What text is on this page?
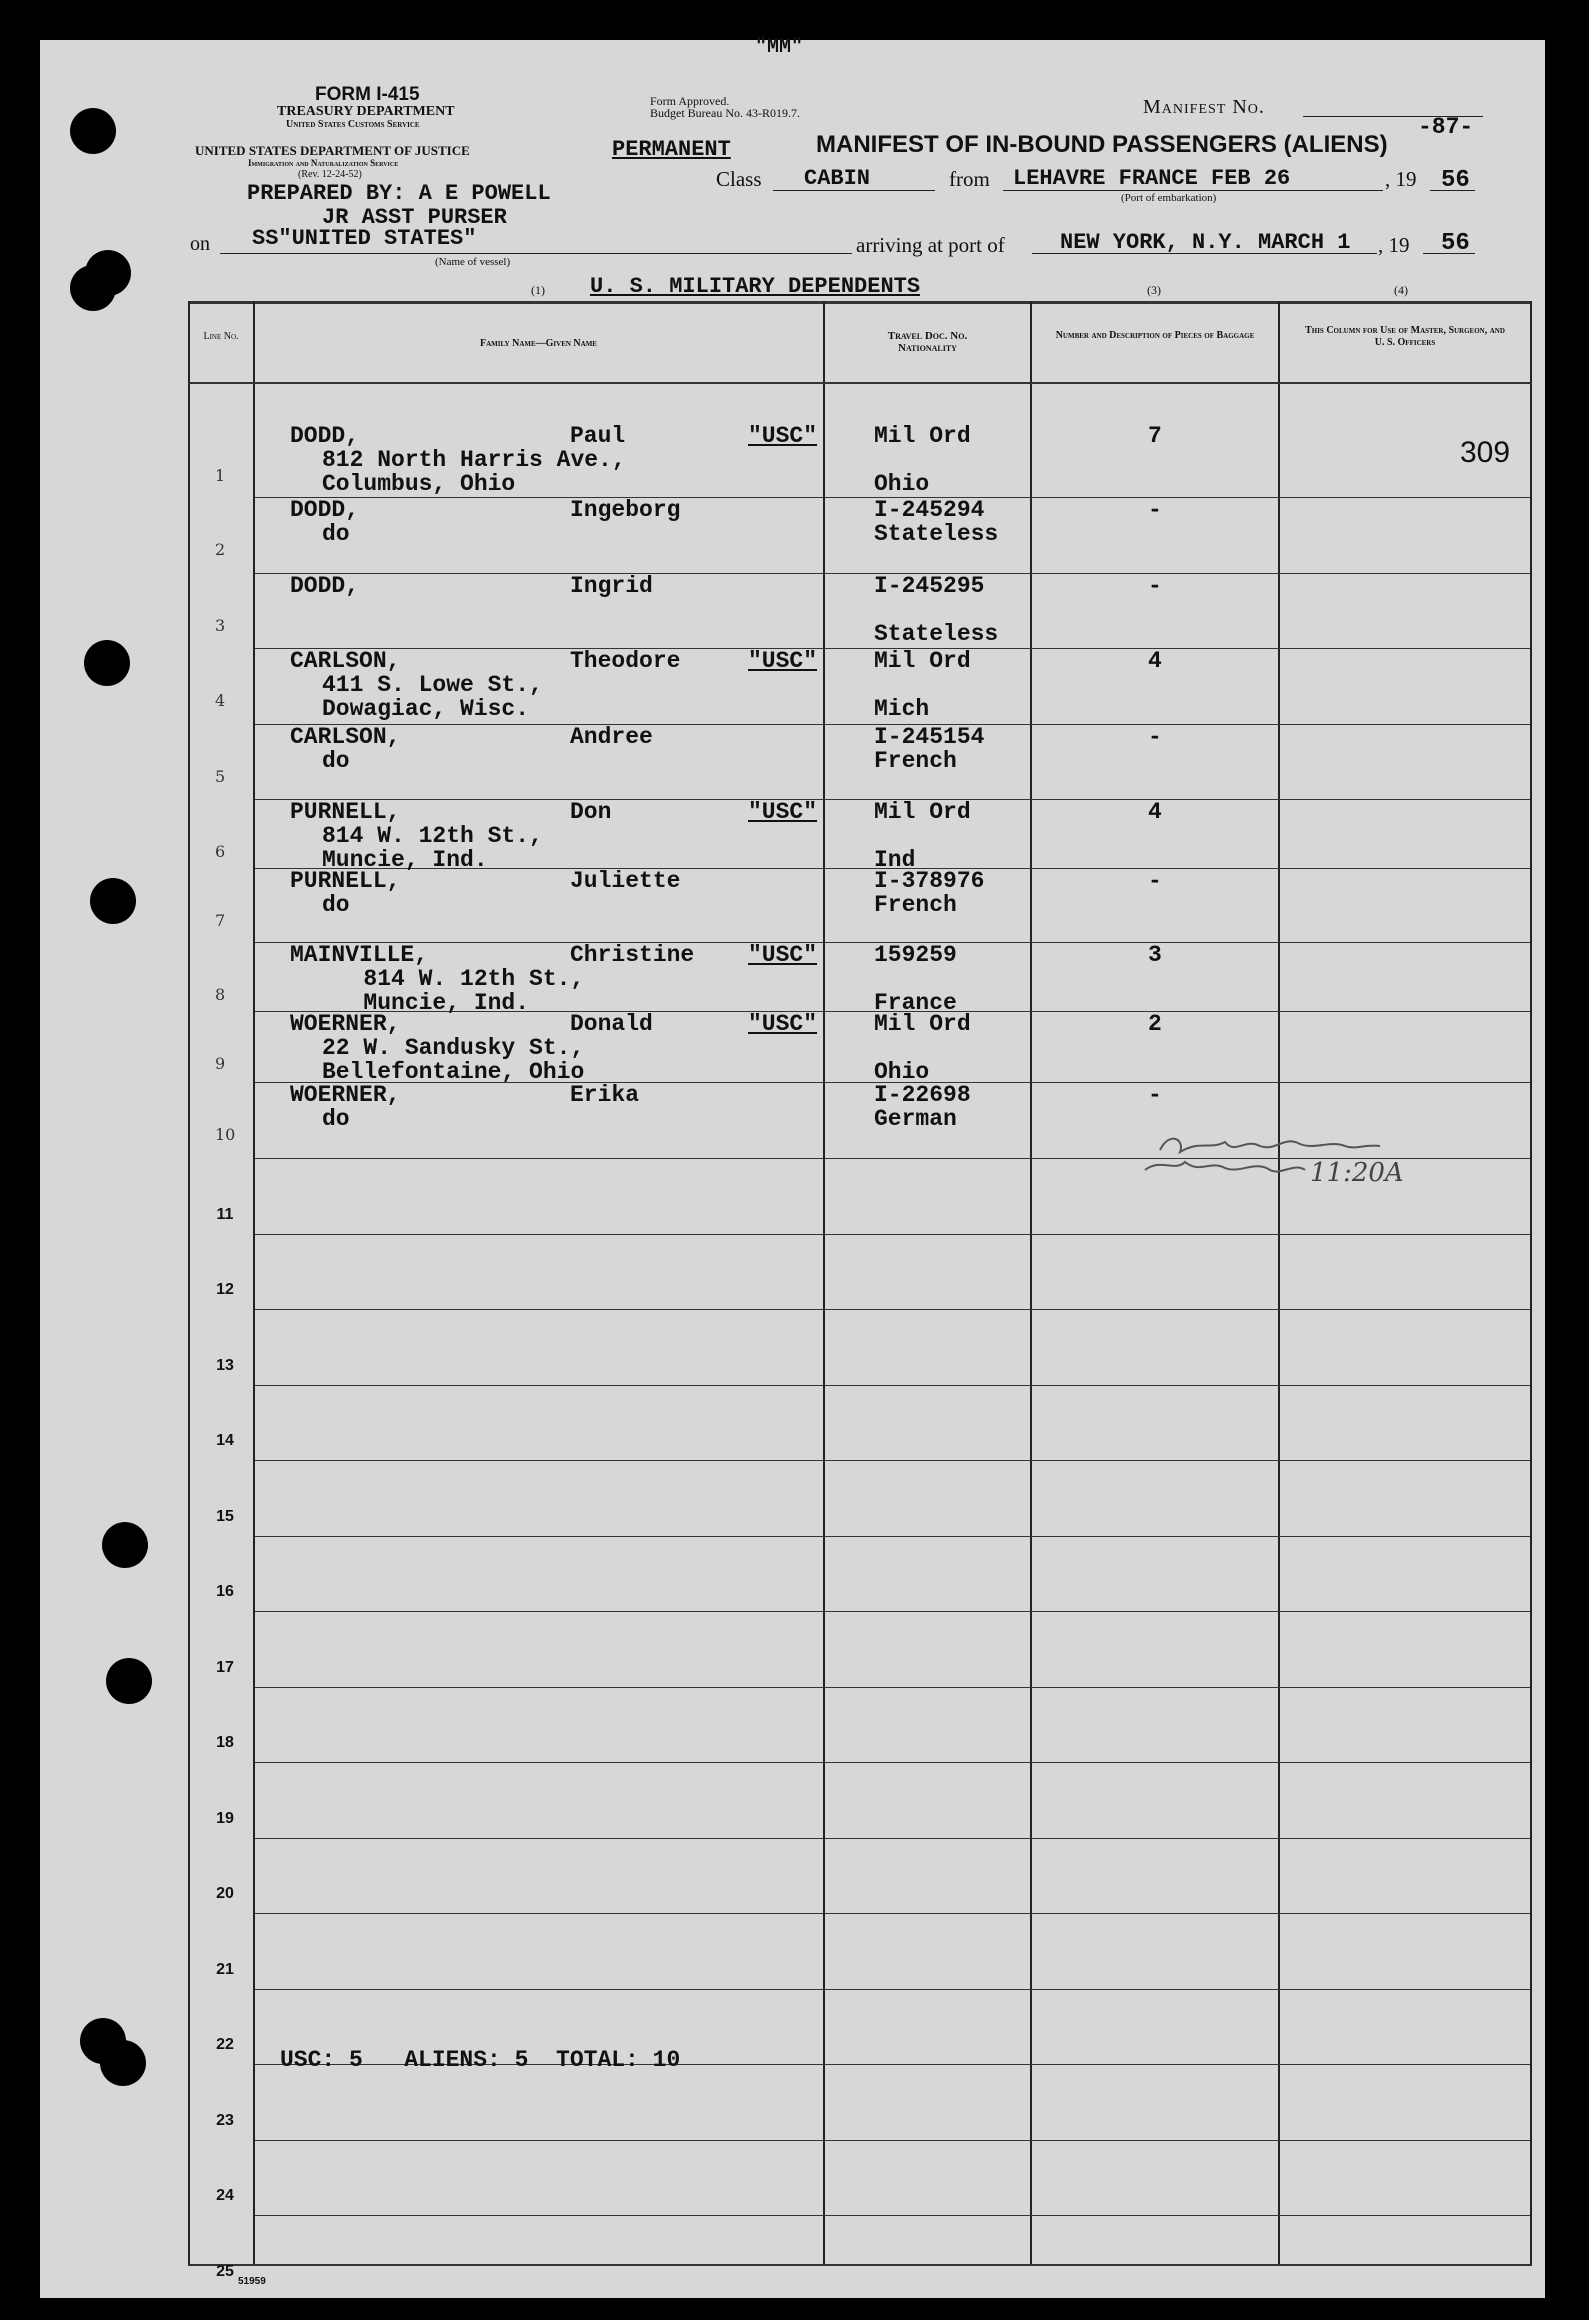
"MM"
FORM I-415
TREASURY DEPARTMENT
United States Customs Service
UNITED STATES DEPARTMENT OF JUSTICE
Immigration and Naturalization Service
(Rev. 12-24-52)
Form Approved.
Budget Bureau No. 43-R019.7.	Manifest No.
-87-
PERMANENT	MANIFEST OF IN-BOUND PASSENGERS (ALIENS)
PREPARED BY: A E POWELL
JR ASST PURSER
Class CABIN	from LEHAVRE FRANCE FEB 26	, 19 56
(Port of embarkation)
on SS"UNITED STATES"
(Name of vessel)
arriving at port of	NEW YORK, N.Y. MARCH 1 , 19 56
(1) U. S. MILITARY DEPENDENTS	(3)	(4)
Line No.
Family Name—Given Name
Travel Doc. No. Nationality
Number and Description of Pieces of Baggage	This Column for Use of Master, Surgeon, and U. S. Officers
1
DODD,	Paul	"USC"
812 North Harris Ave.,
Columbus, Ohio
Mil Ord
Ohio
7	309
2
DODD,	Ingeborg
do
I-245294
Stateless
-
3
DODD,	Ingrid	I-245295
Stateless
-
4
CARLSON,	Theodore	"USC"
411 S. Lowe St.,
Dowagiac, Wisc.
Mil Ord
Mich
4
5
CARLSON,	Andree
do
I-245154
French
-
6
PURNELL,	Don	"USC"
814 W. 12th St.,
Muncie, Ind.
Mil Ord
Ind
4
7
PURNELL,	Juliette
do
I-378976
French
-
8
MAINVILLE,	Christine "USC"
814 W. 12th St.,
Muncie, Ind.
159259
France
3
9
WOERNER,	Donald	"USC"
22 W. Sandusky St.,
Bellefontaine, Ohio
Mil Ord
Ohio
2
10
WOERNER,	Erika
do
I-22698
German
-
11
12
13
14
15
16
17
18
19
20
21
22
23
24
25
USC: 5   ALIENS: 5  TOTAL: 10
11:20A
51959
